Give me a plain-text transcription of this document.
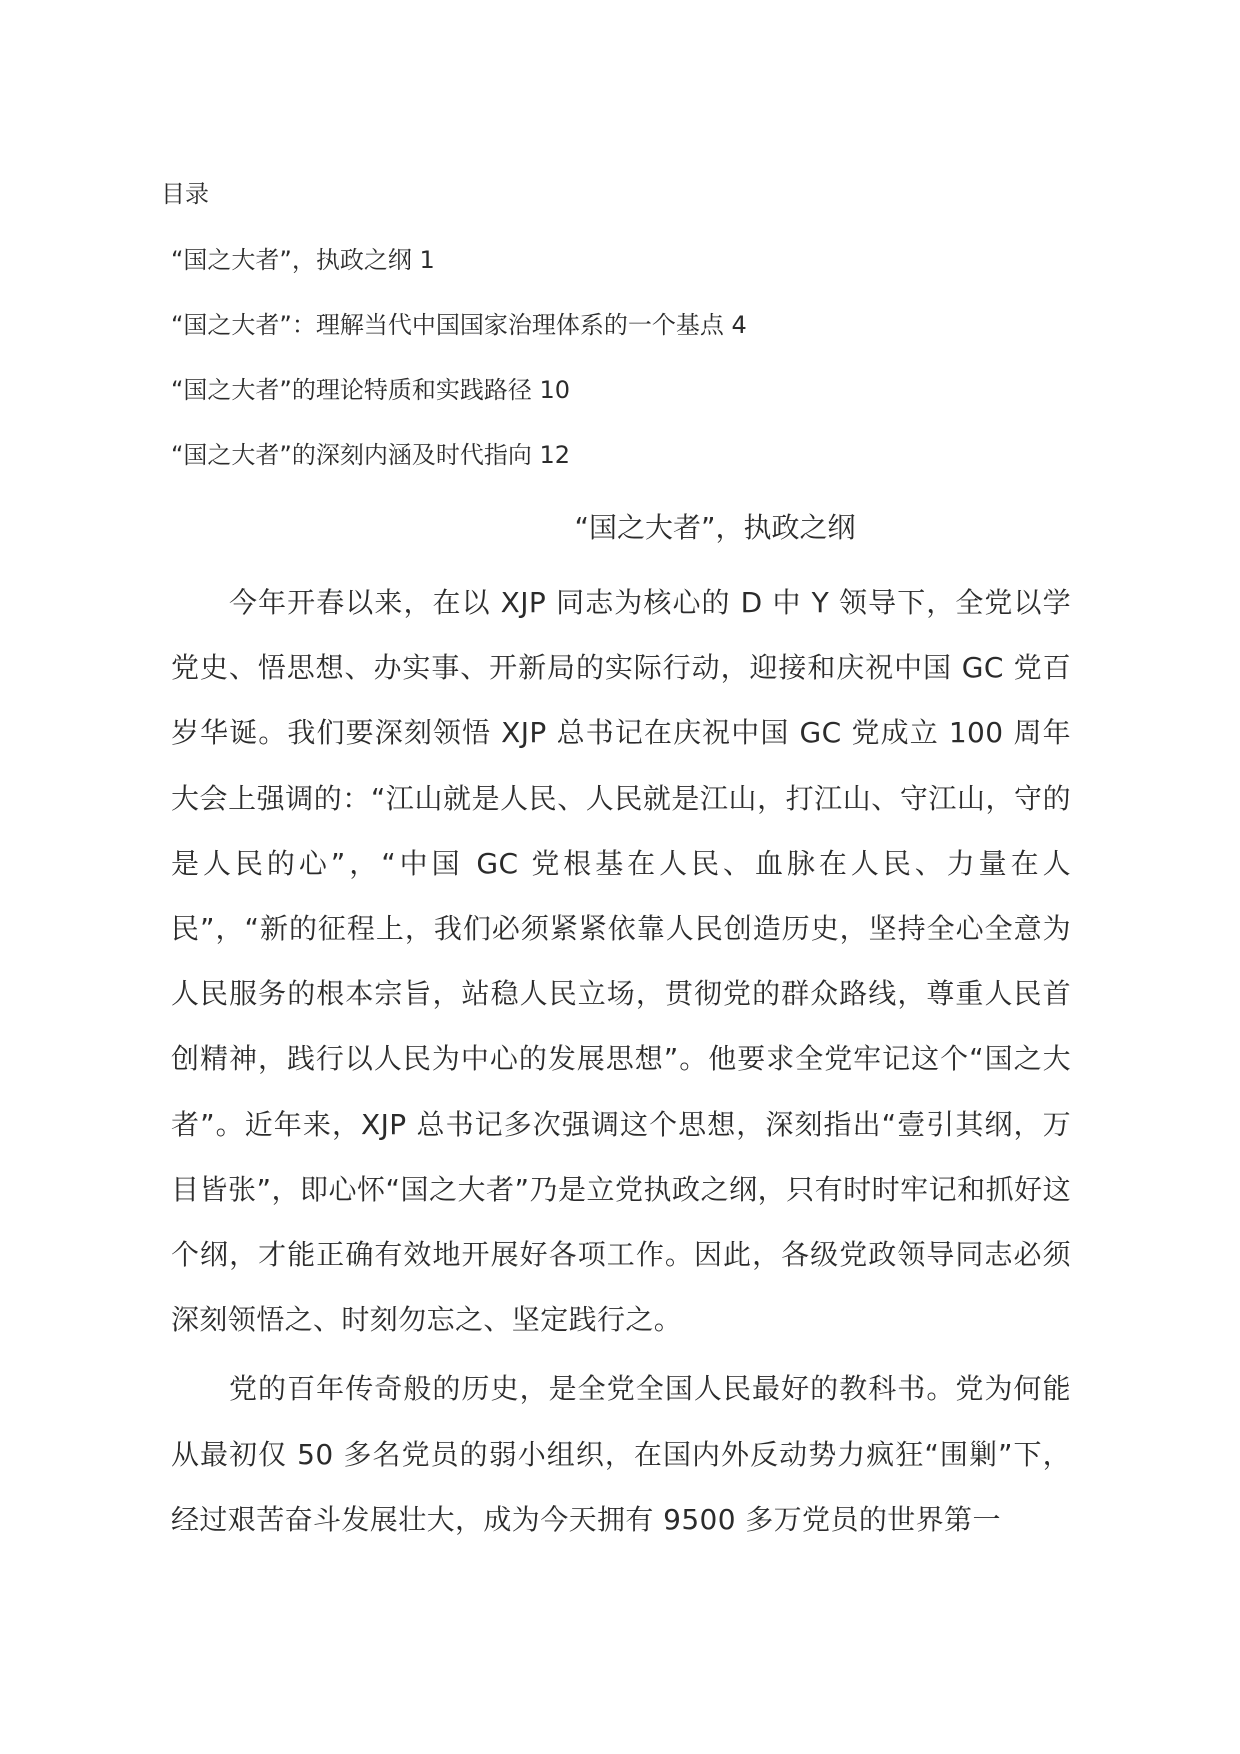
目录
“国之大者”，执政之纲 1
“国之大者”：理解当代中国国家治理体系的一个基点 4
“国之大者”的理论特质和实践路径 10
“国之大者”的深刻内涵及时代指向 12
“国之大者”，执政之纲

今年开春以来，在以 XJP 同志为核心的 D 中 Y 领导下，全党以学党史、悟思想、办实事、开新局的实际行动，迎接和庆祝中国 GC 党百岁华诞。我们要深刻领悟 XJP 总书记在庆祝中国 GC 党成立 100 周年大会上强调的：“江山就是人民、人民就是江山，打江山、守江山，守的是人民的心”，“中国 GC 党根基在人民、血脉在人民、力量在人民”，“新的征程上，我们必须紧紧依靠人民创造历史，坚持全心全意为人民服务的根本宗旨，站稳人民立场，贯彻党的群众路线，尊重人民首创精神，践行以人民为中心的发展思想”。他要求全党牢记这个“国之大者”。近年来，XJP 总书记多次强调这个思想，深刻指出“壹引其纲，万目皆张”，即心怀“国之大者”乃是立党执政之纲，只有时时牢记和抓好这个纲，才能正确有效地开展好各项工作。因此，各级党政领导同志必须深刻领悟之、时刻勿忘之、坚定践行之。

党的百年传奇般的历史，是全党全国人民最好的教科书。党为何能从最初仅 50 多名党员的弱小组织，在国内外反动势力疯狂“围剿”下，经过艰苦奋斗发展壮大，成为今天拥有 9500 多万党员的世界第一
